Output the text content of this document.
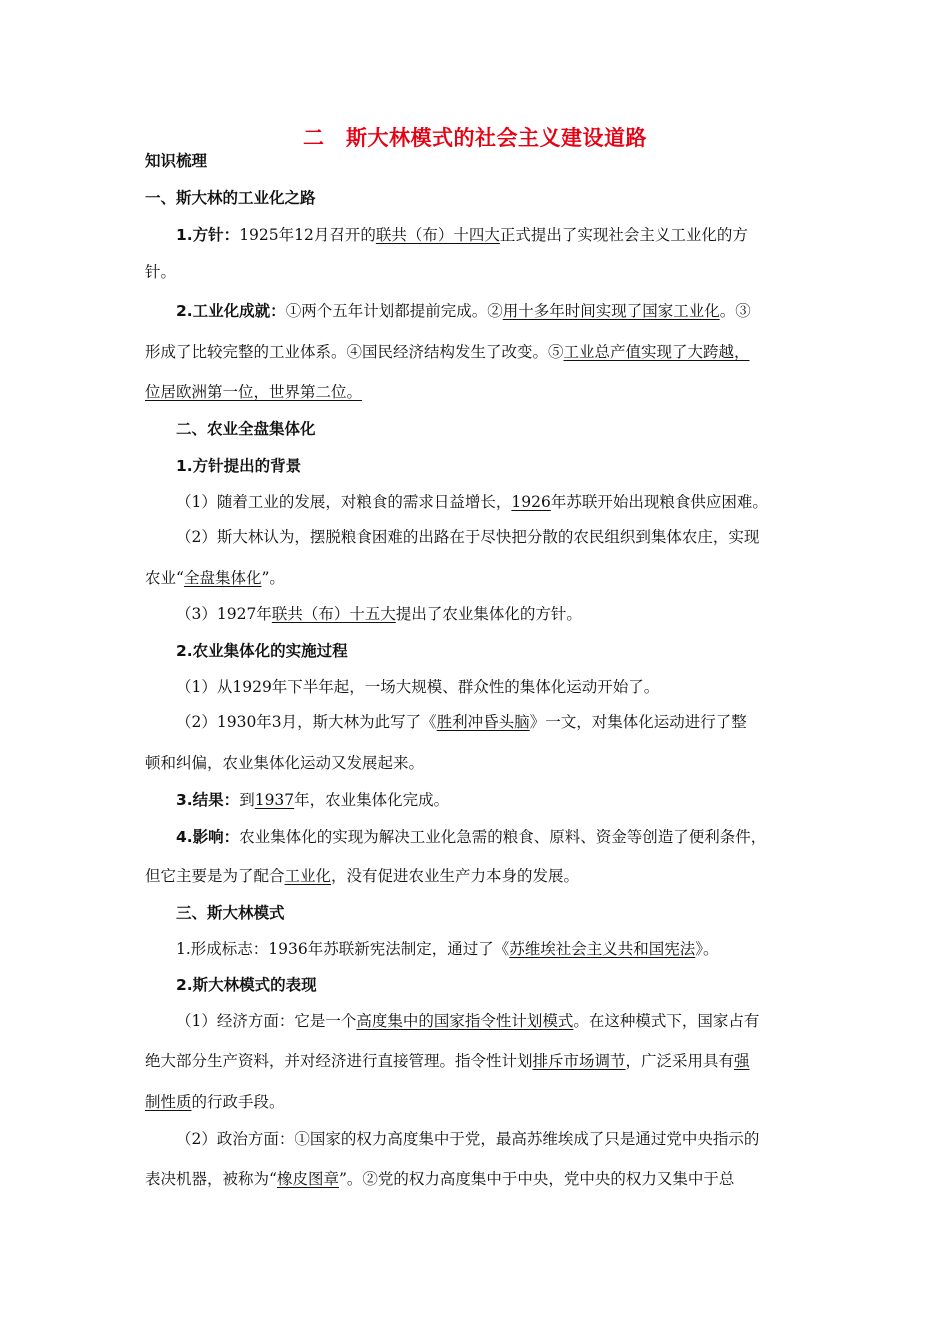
二　斯大林模式的社会主义建设道路
知识梳理
一、斯大林的工业化之路
1.方针：1925年12月召开的联共（布）十四大正式提出了实现社会主义工业化的方
针。
2.工业化成就：①两个五年计划都提前完成。②用十多年时间实现了国家工业化。③
形成了比较完整的工业体系。④国民经济结构发生了改变。⑤工业总产值实现了大跨越，
位居欧洲第一位，世界第二位。
二、农业全盘集体化
1.方针提出的背景
（1）随着工业的发展，对粮食的需求日益增长，1926年苏联开始出现粮食供应困难。
（2）斯大林认为，摆脱粮食困难的出路在于尽快把分散的农民组织到集体农庄，实现
农业“全盘集体化”。
（3）1927年联共（布）十五大提出了农业集体化的方针。
2.农业集体化的实施过程
（1）从1929年下半年起，一场大规模、群众性的集体化运动开始了。
（2）1930年3月，斯大林为此写了《胜利冲昏头脑》一文，对集体化运动进行了整
顿和纠偏，农业集体化运动又发展起来。
3.结果：到1937年，农业集体化完成。
4.影响：农业集体化的实现为解决工业化急需的粮食、原料、资金等创造了便利条件，
但它主要是为了配合工业化，没有促进农业生产力本身的发展。
三、斯大林模式
1.形成标志：1936年苏联新宪法制定，通过了《苏维埃社会主义共和国宪法》。
2.斯大林模式的表现
（1）经济方面：它是一个高度集中的国家指令性计划模式。在这种模式下，国家占有
绝大部分生产资料，并对经济进行直接管理。指令性计划排斥市场调节，广泛采用具有强
制性质的行政手段。
（2）政治方面：①国家的权力高度集中于党，最高苏维埃成了只是通过党中央指示的
表决机器，被称为“橡皮图章”。②党的权力高度集中于中央，党中央的权力又集中于总
